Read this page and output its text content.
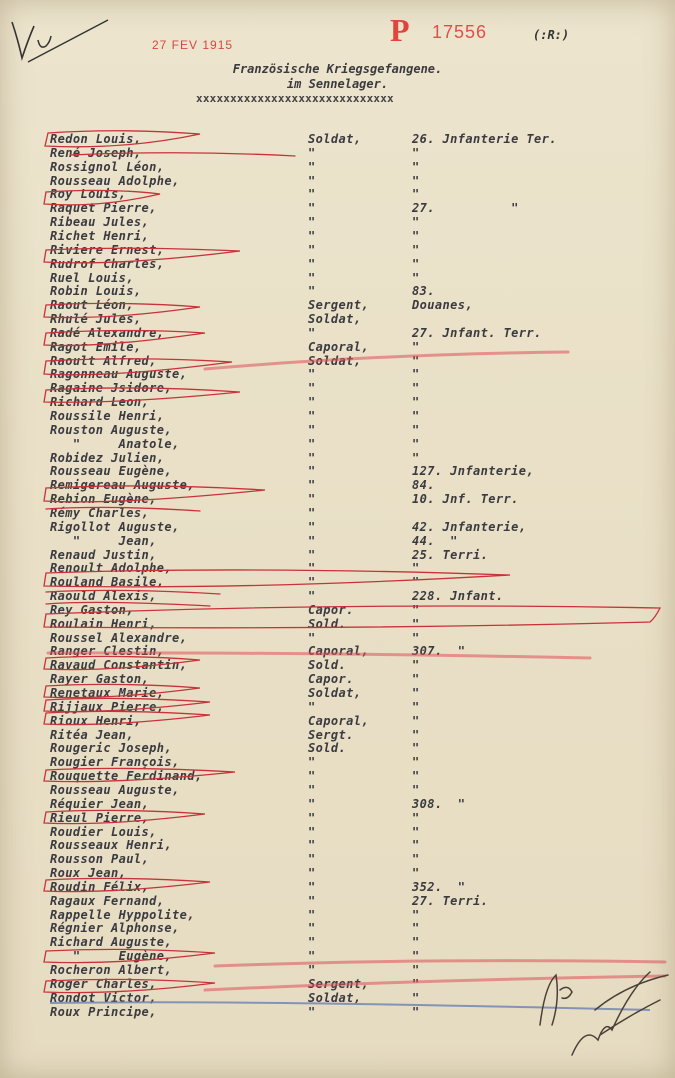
27 FEV 1915	P 17556	(:R:)
Französische Kriegsgefangene.
im Sennelager.
xxxxxxxxxxxxxxxxxxxxxxxxxxxxx
Redon Louis,	Soldat,	26. Jnfanterie Ter.
René Joseph,	"	"
Rossignol Léon,	"	"
Rousseau Adolphe,	"	"
Roy Louis,	"	"
Raquet Pierre,	"	27.          "
Ribeau Jules,	"	"
Richet Henri,	"	"
Riviere Ernest,	"	"
Rudrof Charles,	"	"
Ruel Louis,	"	"
Robin Louis,	"	83.
Raout Léon,	Sergent,	Douanes,
Rhulé Jules,	Soldat,
Radé Alexandre,	"	27. Jnfant. Terr.
Ragot Emile,	Caporal,	"
Raoult Alfred,	Soldat,	"
Ragonneau Auguste,	"	"
Ragaine Jsidore,	"	"
Richard Leon,	"	"
Roussile Henri,	"	"
Rouston Auguste,	"	"
"     Anatole,	"	"
Robidez Julien,	"	"
Rousseau Eugène,	"	127. Jnfanterie,
Remigereau Auguste,	"	84.
Rebion Eugène,	"	10. Jnf. Terr.
Rémy Charles,	"
Rigollot Auguste,	"	42. Jnfanterie,
"     Jean,	"	44.  "
Renaud Justin,	"	25. Terri.
Renoult Adolphe,	"	"
Rouland Basile,	"	"
Raould Alexis,	"	228. Jnfant.
Rey Gaston,	Capor.	"
Roulain Henri,	Sold.	"
Roussel Alexandre,	"	"
Ranger Clestin,	Caporal,	307.  "
Ravaud Constantin,	Sold.	"
Rayer Gaston,	Capor.	"
Renetaux Marie,	Soldat,	"
Rijjaux Pierre,	"	"
Rioux Henri,	Caporal,	"
Ritéa Jean,	Sergt.	"
Rougeric Joseph,	Sold.	"
Rougier François,	"	"
Rouquette Ferdinand,	"	"
Rousseau Auguste,	"	"
Réquier Jean,	"	308.  "
Rieul Pierre,	"	"
Roudier Louis,	"	"
Rousseaux Henri,	"	"
Rousson Paul,	"	"
Roux Jean,	"	"
Roudin Félix,	"	352.  "
Ragaux Fernand,	"	27. Terri.
Rappelle Hyppolite,	"	"
Régnier Alphonse,	"	"
Richard Auguste,	"	"
"     Eugène,	"	"
Rocheron Albert,	"	"
Roger Charles,	Sergent,	"
Rondot Victor,	Soldat,	"
Roux Principe,	"	"
